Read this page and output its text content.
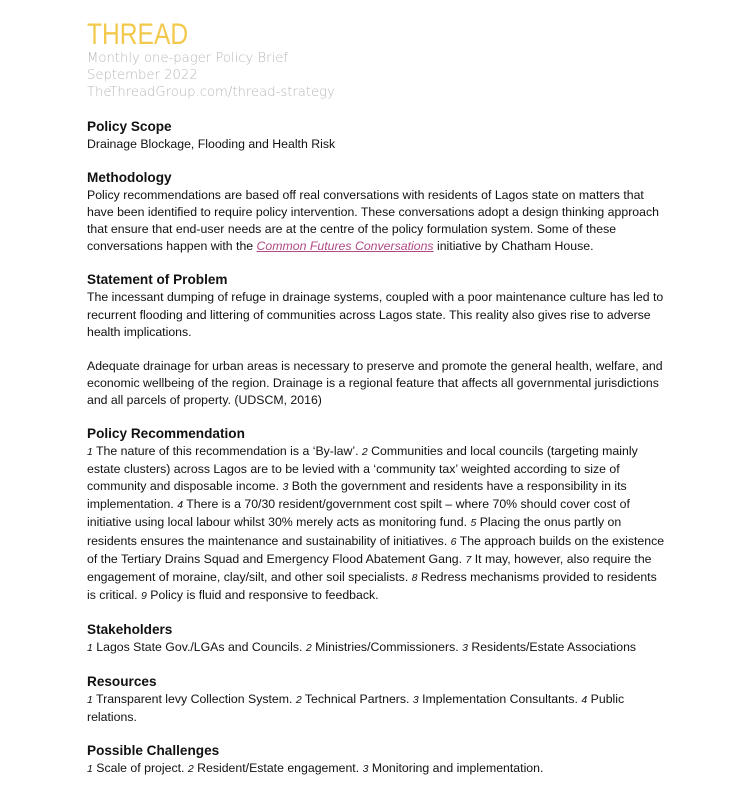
THREAD
Monthly one-pager Policy Brief
September 2022
TheThreadGroup.com/thread-strategy

Policy Scope

Drainage Blockage, Flooding and Health Risk

Methodology

Policy recommendations are based off real conversations with residents of Lagos state on matters that have been identified to require policy intervention. These conversations adopt a design thinking approach that ensure that end-user needs are at the centre of the policy formulation system. Some of these conversations happen with the Common Futures Conversations initiative by Chatham House.

Statement of Problem

The incessant dumping of refuge in drainage systems, coupled with a poor maintenance culture has led to recurrent flooding and littering of communities across Lagos state. This reality also gives rise to adverse health implications.

Adequate drainage for urban areas is necessary to preserve and promote the general health, welfare, and economic wellbeing of the region. Drainage is a regional feature that affects all governmental jurisdictions and all parcels of property. (UDSCM, 2016)

Policy Recommendation

1 The nature of this recommendation is a ‘By-law’. 2 Communities and local councils (targeting mainly estate clusters) across Lagos are to be levied with a ‘community tax’ weighted according to size of community and disposable income. 3 Both the government and residents have a responsibility in its implementation. 4 There is a 70/30 resident/government cost spilt – where 70% should cover cost of initiative using local labour whilst 30% merely acts as monitoring fund. 5 Placing the onus partly on residents ensures the maintenance and sustainability of initiatives. 6 The approach builds on the existence of the Tertiary Drains Squad and Emergency Flood Abatement Gang. 7 It may, however, also require the engagement of moraine, clay/silt, and other soil specialists. 8 Redress mechanisms provided to residents is critical. 9 Policy is fluid and responsive to feedback.

Stakeholders

1 Lagos State Gov./LGAs and Councils. 2 Ministries/Commissioners. 3 Residents/Estate Associations

Resources

1 Transparent levy Collection System. 2 Technical Partners. 3 Implementation Consultants. 4 Public relations.

Possible Challenges

1 Scale of project. 2 Resident/Estate engagement. 3 Monitoring and implementation.
